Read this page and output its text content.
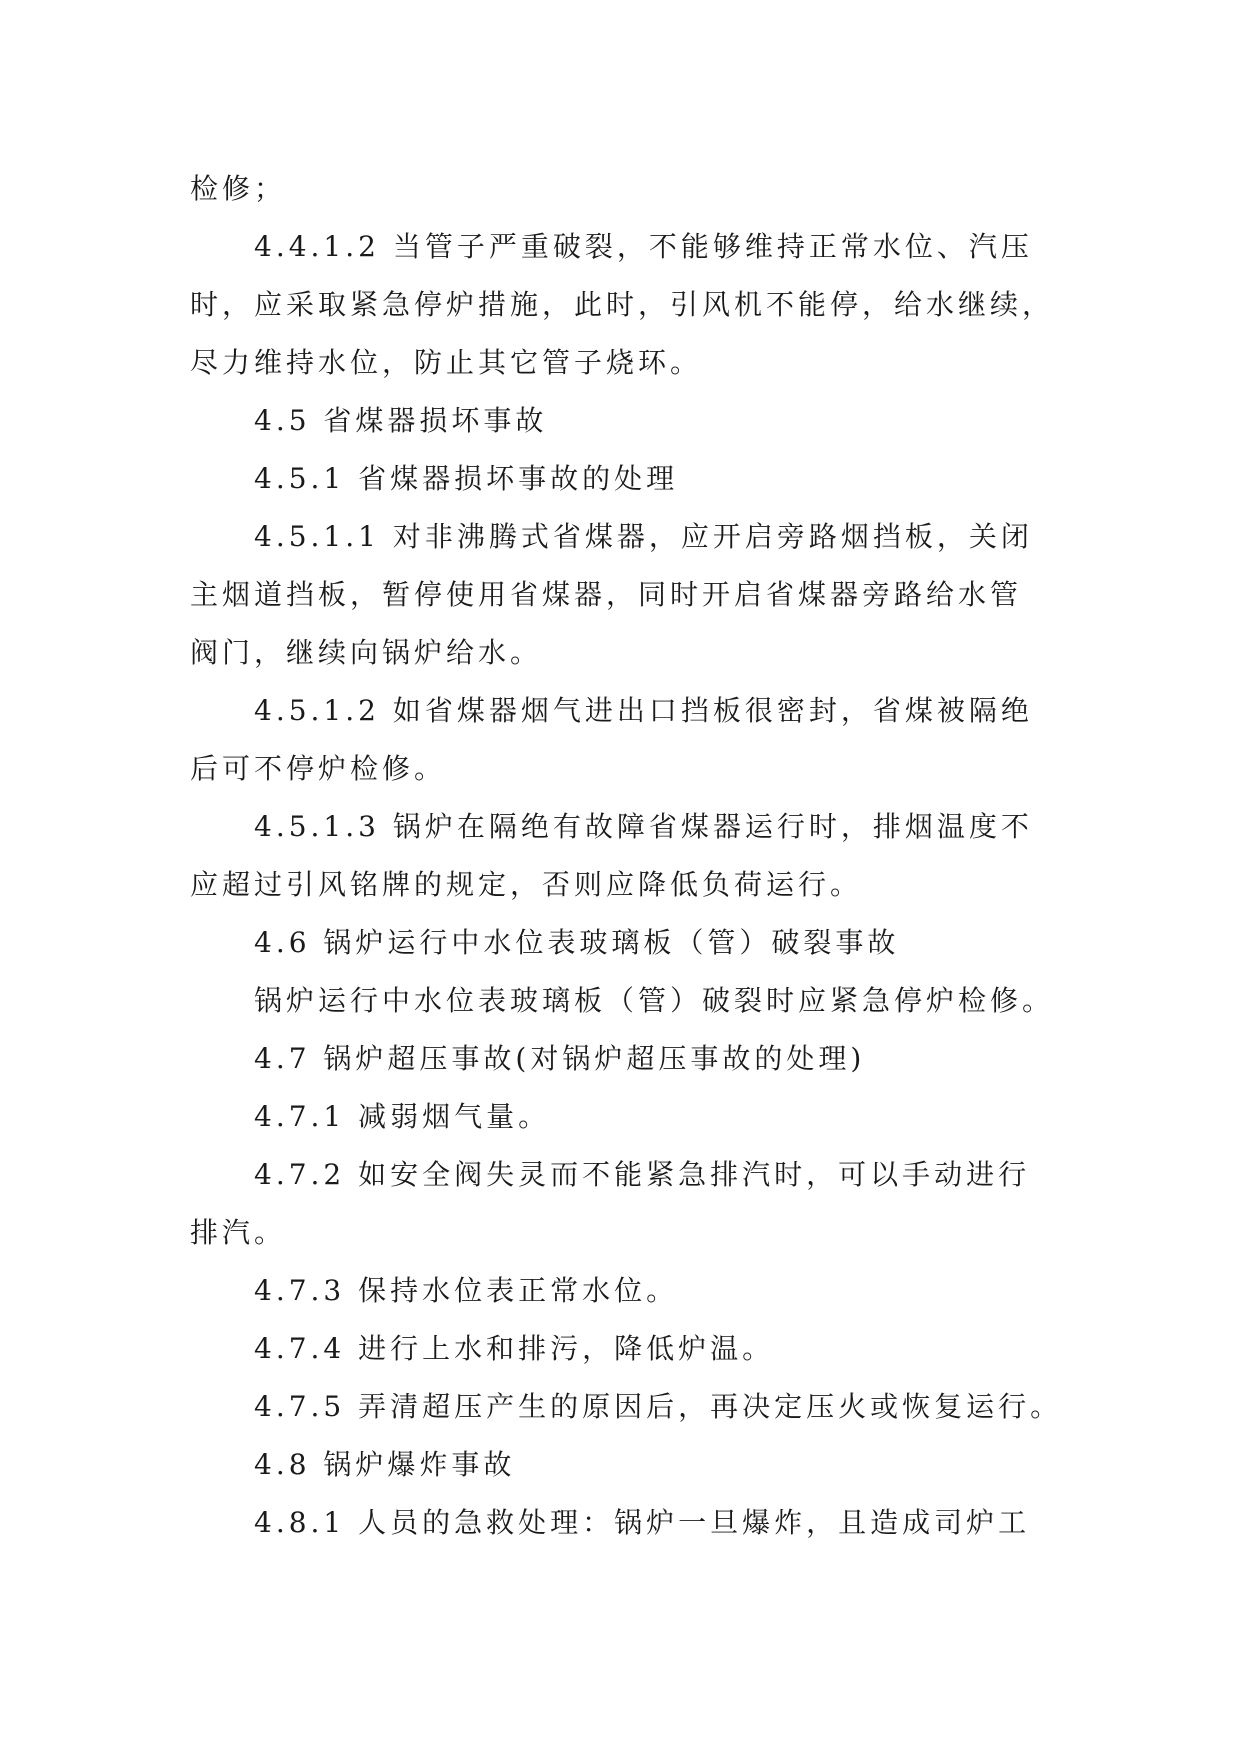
检修；
4.4.1.2 当管子严重破裂，不能够维持正常水位、汽压
时，应采取紧急停炉措施，此时，引风机不能停，给水继续，
尽力维持水位，防止其它管子烧环。
4.5 省煤器损坏事故
4.5.1 省煤器损坏事故的处理
4.5.1.1 对非沸腾式省煤器，应开启旁路烟挡板，关闭
主烟道挡板，暂停使用省煤器，同时开启省煤器旁路给水管
阀门，继续向锅炉给水。
4.5.1.2 如省煤器烟气进出口挡板很密封，省煤被隔绝
后可不停炉检修。
4.5.1.3 锅炉在隔绝有故障省煤器运行时，排烟温度不
应超过引风铭牌的规定，否则应降低负荷运行。
4.6 锅炉运行中水位表玻璃板（管）破裂事故
锅炉运行中水位表玻璃板（管）破裂时应紧急停炉检修。
4.7 锅炉超压事故(对锅炉超压事故的处理)
4.7.1 减弱烟气量。
4.7.2 如安全阀失灵而不能紧急排汽时，可以手动进行
排汽。
4.7.3 保持水位表正常水位。
4.7.4 进行上水和排污，降低炉温。
4.7.5 弄清超压产生的原因后，再决定压火或恢复运行。
4.8 锅炉爆炸事故
4.8.1 人员的急救处理：锅炉一旦爆炸，且造成司炉工
